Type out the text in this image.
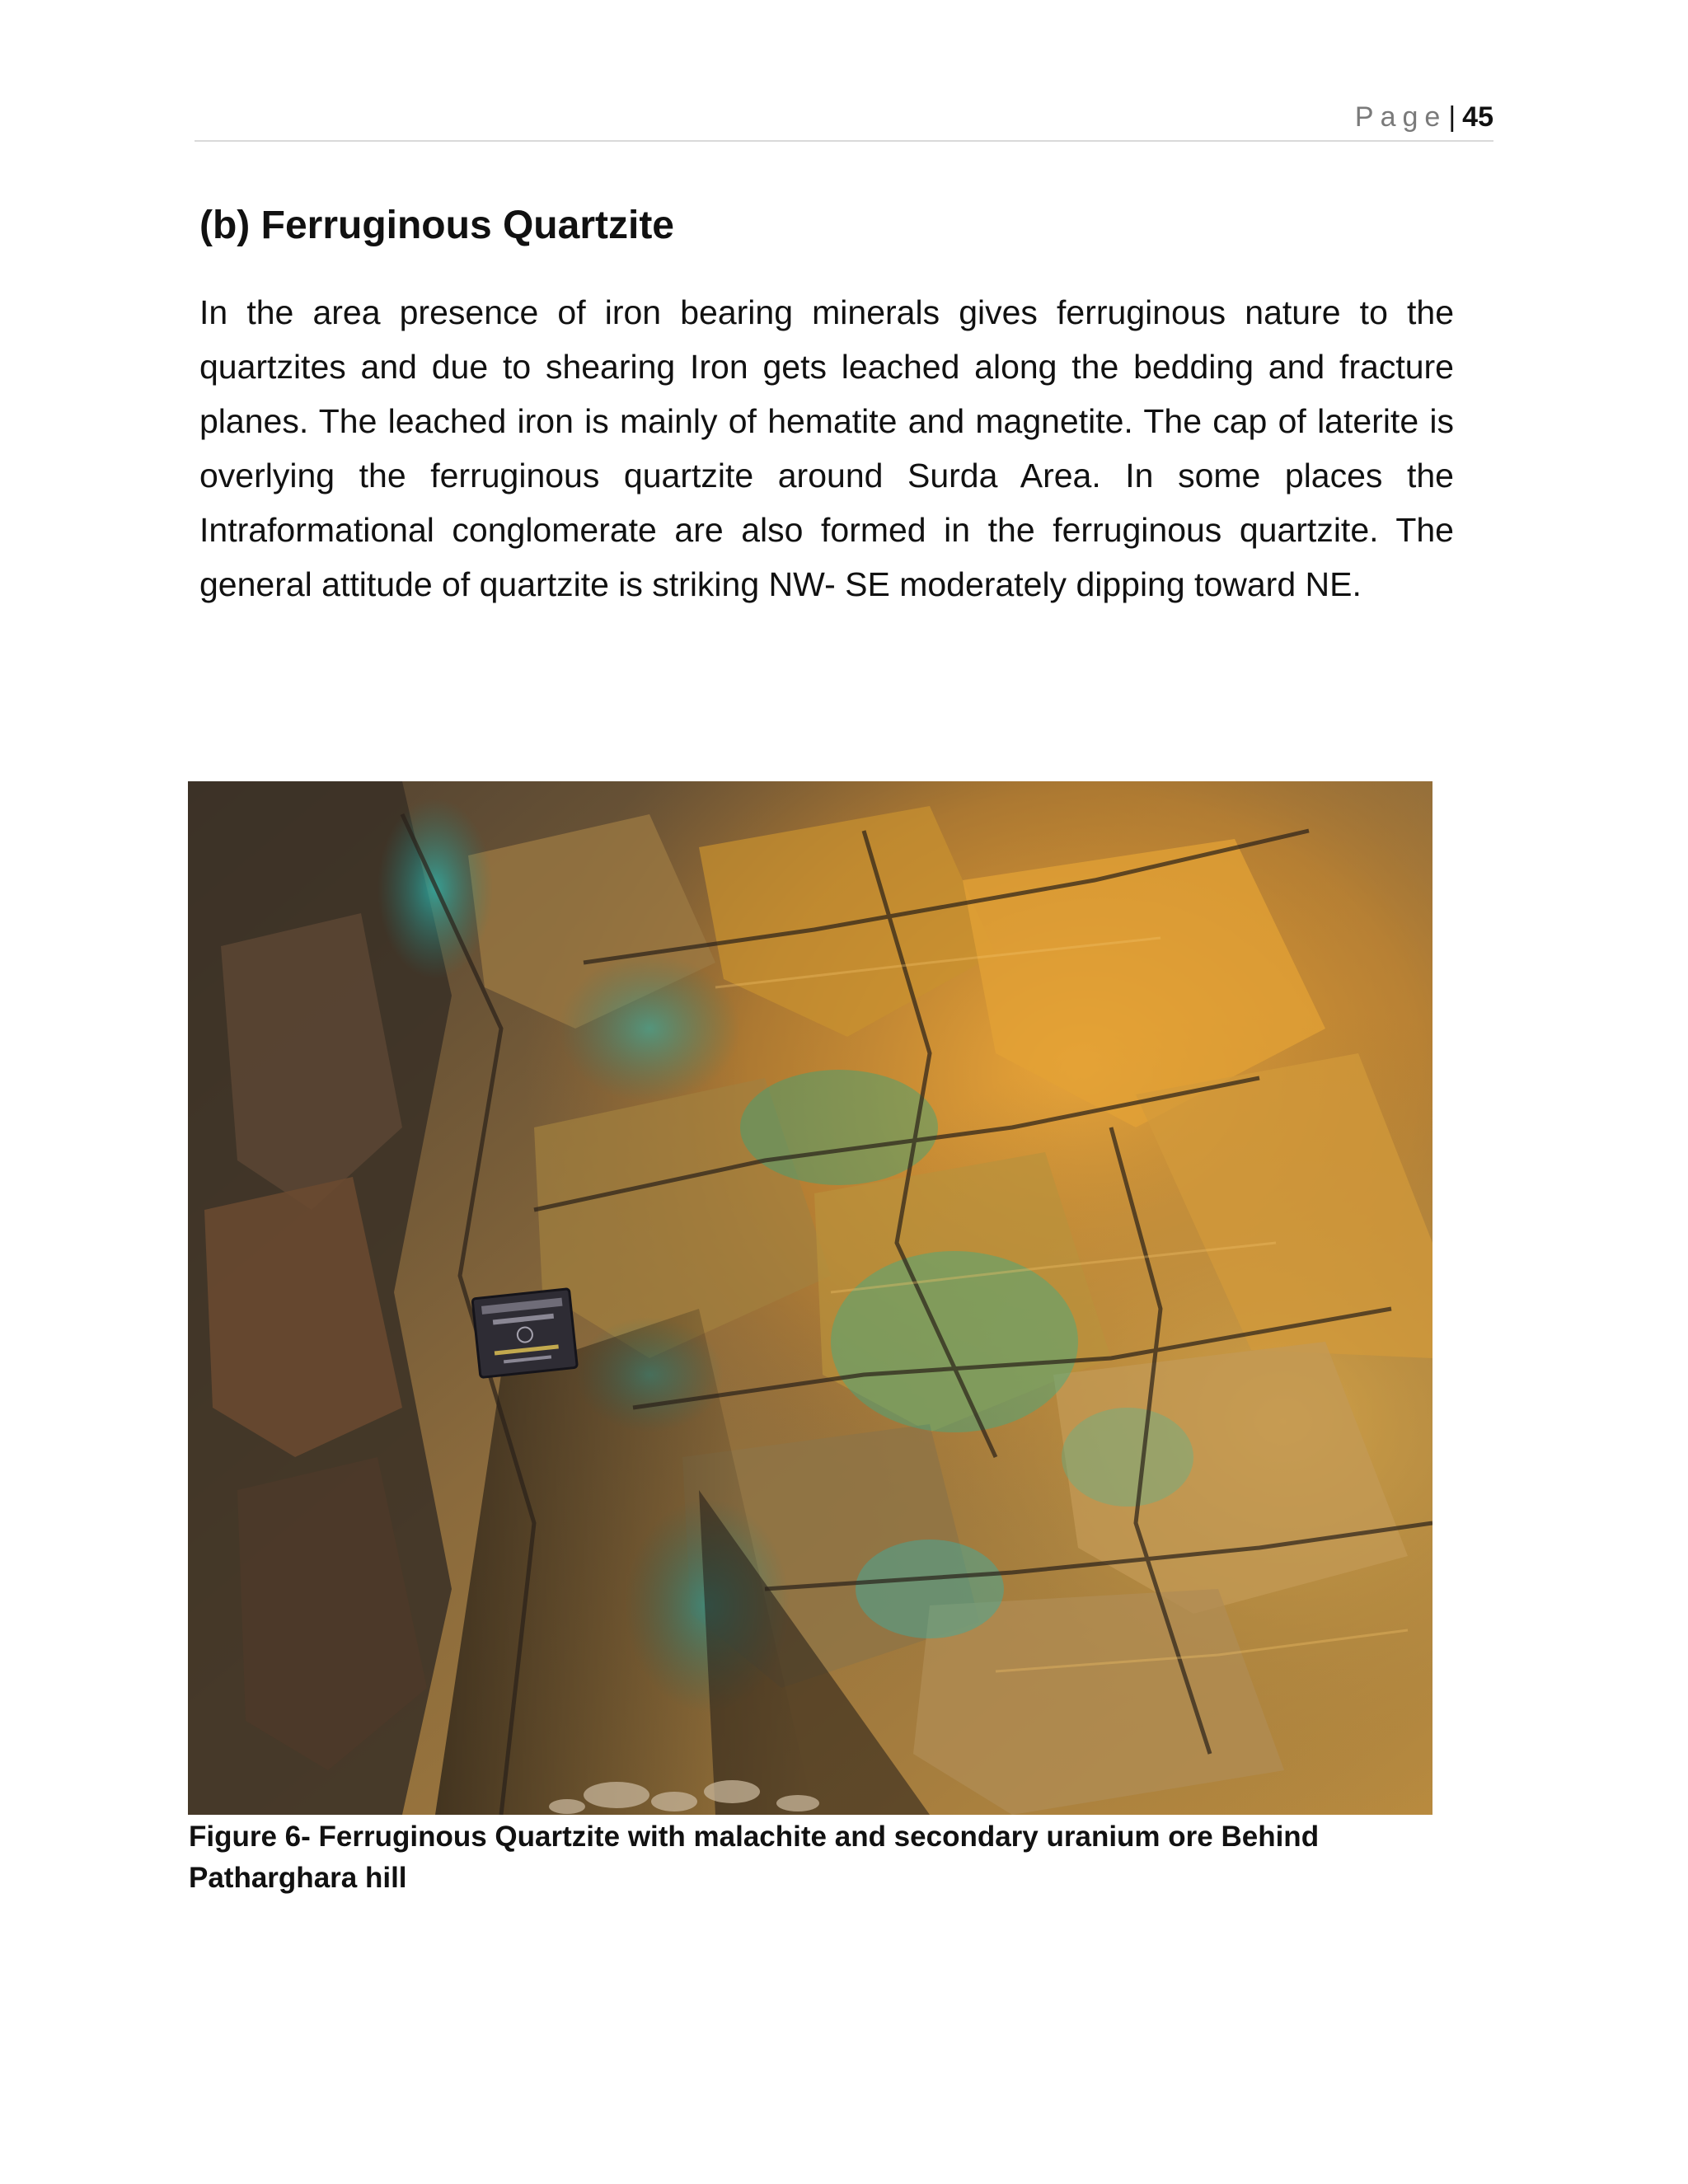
Page| 45
(b) Ferruginous Quartzite

In the area presence of iron bearing minerals gives ferruginous nature to the quartzites and due to shearing Iron gets leached along the bedding and fracture planes. The leached iron is mainly of hematite and magnetite. The cap of laterite is overlying the ferruginous quartzite around Surda Area. In some places the Intraformational conglomerate are also formed in the ferruginous quartzite. The general attitude of quartzite is striking NW- SE moderately dipping toward NE.

Figure 6- Ferruginous Quartzite with malachite and secondary uranium ore Behind Patharghara hill
